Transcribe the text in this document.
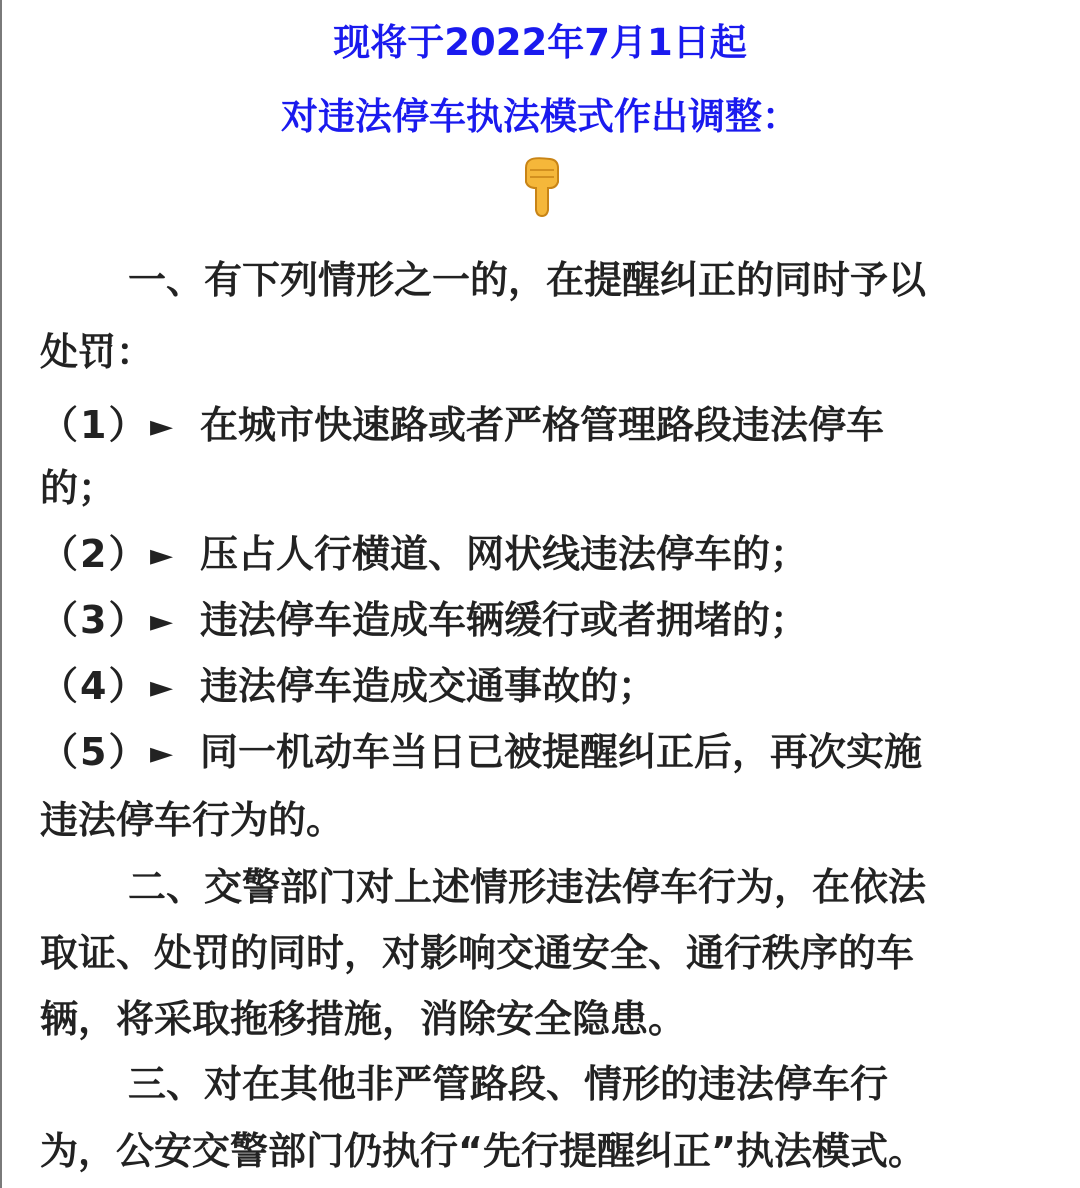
现将于2022年7月1日起
对违法停车执法模式作出调整：
一、有下列情形之一的，在提醒纠正的同时予以
处罚：
（1）► 在城市快速路或者严格管理路段违法停车
的；
（2）► 压占人行横道、网状线违法停车的；
（3）► 违法停车造成车辆缓行或者拥堵的；
（4）► 违法停车造成交通事故的；
（5）► 同一机动车当日已被提醒纠正后，再次实施
违法停车行为的。
二、交警部门对上述情形违法停车行为，在依法
取证、处罚的同时，对影响交通安全、通行秩序的车
辆，将采取拖移措施，消除安全隐患。
三、对在其他非严管路段、情形的违法停车行
为，公安交警部门仍执行“先行提醒纠正”执法模式。
